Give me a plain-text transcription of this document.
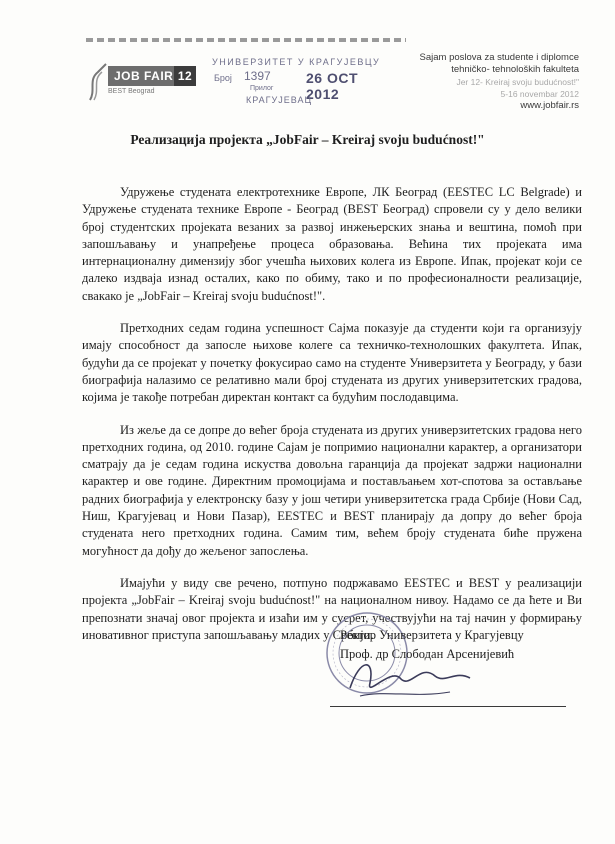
JOB FAIR 12
BEST Beograd
УНИВЕРЗИТЕТ У КРАГУЈЕВЦУ
Број 1397	26 OCT 2012
Прилог
КРАГУЈЕВАЦ
Sajam poslova za studente i diplomce
tehničko- tehnoloških fakulteta
Jer 12- Kreiraj svoju budućnost!"
5-16 novembar 2012
www.jobfair.rs
Реализација пројекта „JobFair – Kreiraj svoju budućnost!"

Удружење студената електротехнике Европе, ЛК Београд (EESTEC LC Belgrade) и Удружење студената технике Европе - Београд (BEST Београд) спровели су у дело велики број студентских пројеката везаних за развој инжењерских знања и вештина, помоћ при запошљавању и унапређење процеса образовања. Већина тих пројеката има интернационалну димензију због учешћа њихових колега из Европе. Ипак, пројекат који се далеко издваја изнад осталих, како по обиму, тако и по професионалности реализације, свакако је „JobFair – Kreiraj svoju budućnost!".

Претходних седам година успешност Сајма показује да студенти који га организују имају способност да запосле њихове колеге са техничко-технолошких факултета. Ипак, будући да се пројекат у почетку фокусирао само на студенте Универзитета у Београду, у бази биографија налазимо се релативно мали број студената из других универзитетских градова, којима је такође потребан директан контакт са будућим послодавцима.

Из жеље да се допре до већег броја студената из других универзитетских градова него претходних година, од 2010. године Сајам је попримио национални карактер, а организатори сматрају да је седам година искуства довољна гаранција да пројекат задржи национални карактер и ове године. Директним промоцијама и постављањем хот-спотова за остављање радних биографија у електронску базу у још четири универзитетска града Србије (Нови Сад, Ниш, Крагујевац и Нови Пазар), EESTEC и BEST планирају да допру до већег броја студената него претходних година. Самим тим, већем броју студената биће пружена могућност да дођу до жељеног запослења.

Имајући у виду све речено, потпуно подржавамо EESTEC и BEST у реализацији пројекта „JobFair – Kreiraj svoju budućnost!" на националном нивоу. Надамо се да ћете и Ви препознати значај овог пројекта и изаћи им у сусрет, учествујући на тај начин у формирању иновативног приступа запошљавању младих у Србији.

Ректор Универзитета у Крагујевцу
Проф. др Слободан Арсенијевић
